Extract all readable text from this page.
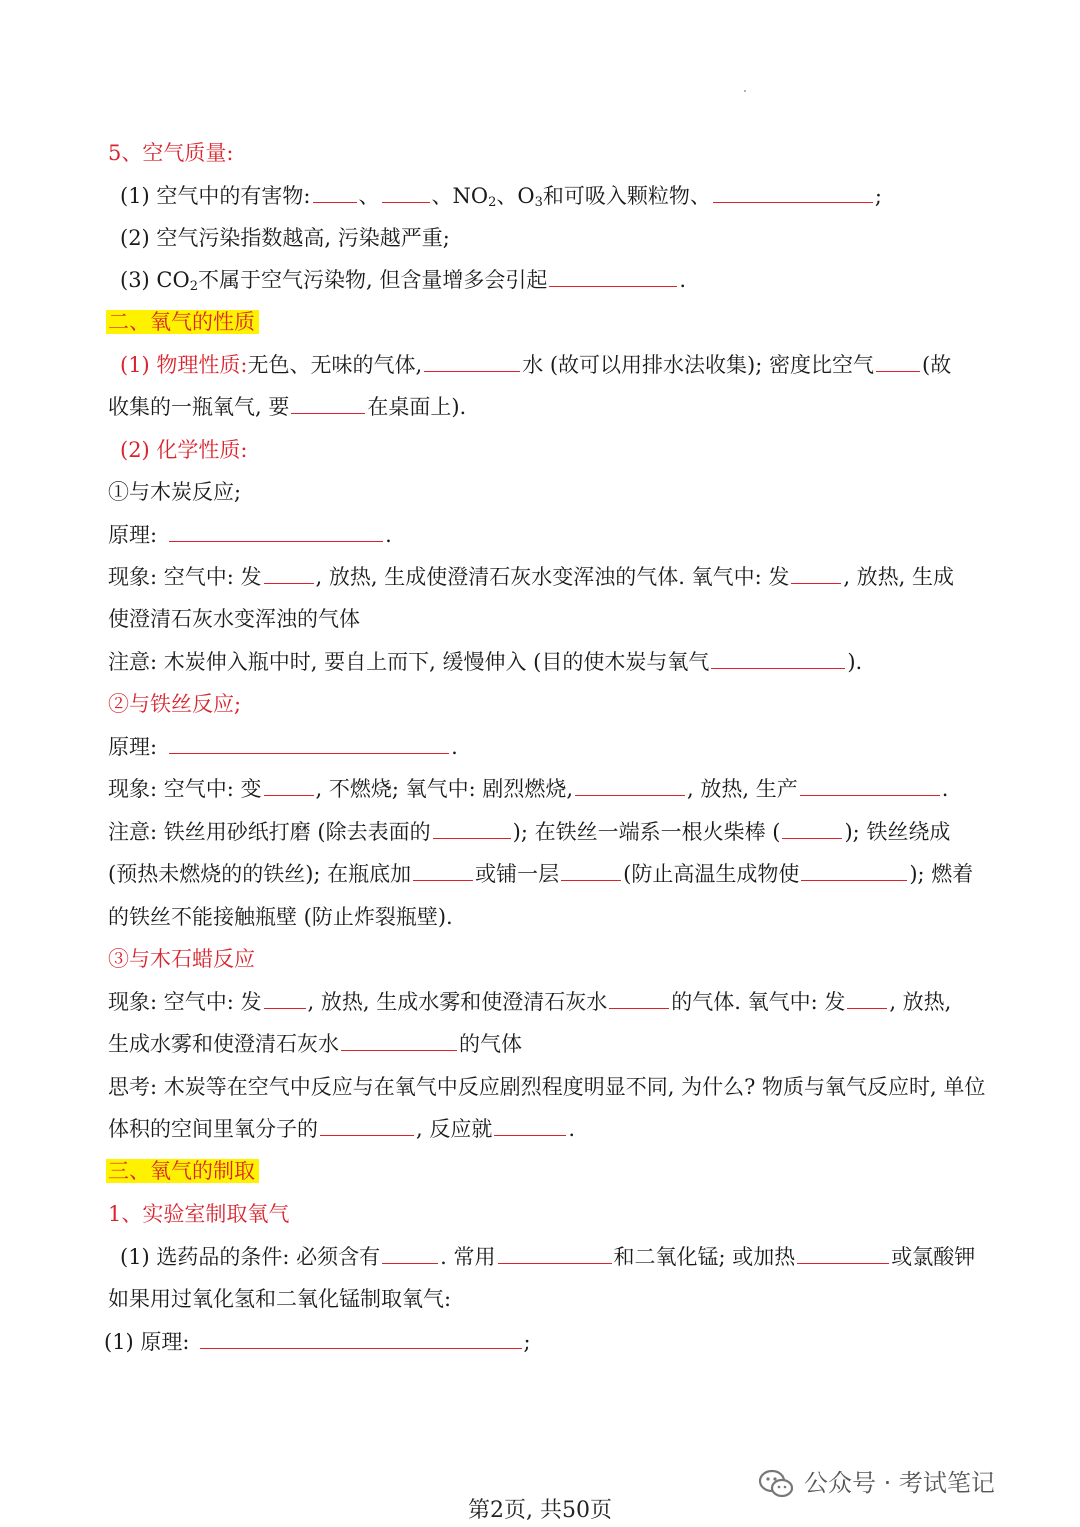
5、空气质量:
(1) 空气中的有害物: 、 、$NO_2$、$O_3$和可吸入颗粒物、	;
(2) 空气污染指数越高, 污染越严重;
(3) $CO_2$不属于空气污染物, 但含量增多会引起	.
二、氧气的性质
(1) 物理性质:无色、无味的气体,	水 (故可以用排水法收集); 密度比空气 (故
收集的一瓶氧气, 要	在桌面上).
(2) 化学性质:
①与木炭反应;
原理:	.
现象: 空气中: 发	, 放热, 生成使澄清石灰水变浑浊的气体. 氧气中: 发	, 放热, 生成
使澄清石灰水变浑浊的气体
注意: 木炭伸入瓶中时, 要自上而下, 缓慢伸入 (目的使木炭与氧气	).
②与铁丝反应;
原理:	.
现象: 空气中: 变	, 不燃烧; 氧气中: 剧烈燃烧,	, 放热, 生产	.
注意: 铁丝用砂纸打磨 (除去表面的	); 在铁丝一端系一根火柴棒 (	); 铁丝绕成
(预热未燃烧的的铁丝); 在瓶底加	或铺一层	(防止高温生成物使	); 燃着
的铁丝不能接触瓶壁 (防止炸裂瓶壁).
③与木石蜡反应
现象: 空气中: 发 , 放热, 生成水雾和使澄清石灰水	的气体. 氧气中: 发 , 放热,
生成水雾和使澄清石灰水	的气体
思考: 木炭等在空气中反应与在氧气中反应剧烈程度明显不同, 为什么? 物质与氧气反应时, 单位
体积的空间里氧分子的	, 反应就	.
三、氧气的制取
1、实验室制取氧气
(1) 选药品的条件: 必须含有	. 常用	和二氧化锰; 或加热	或氯酸钾
如果用过氧化氢和二氧化锰制取氧气:
(1) 原理:	;
公众号 · 考试笔记
第2页, 共50页
